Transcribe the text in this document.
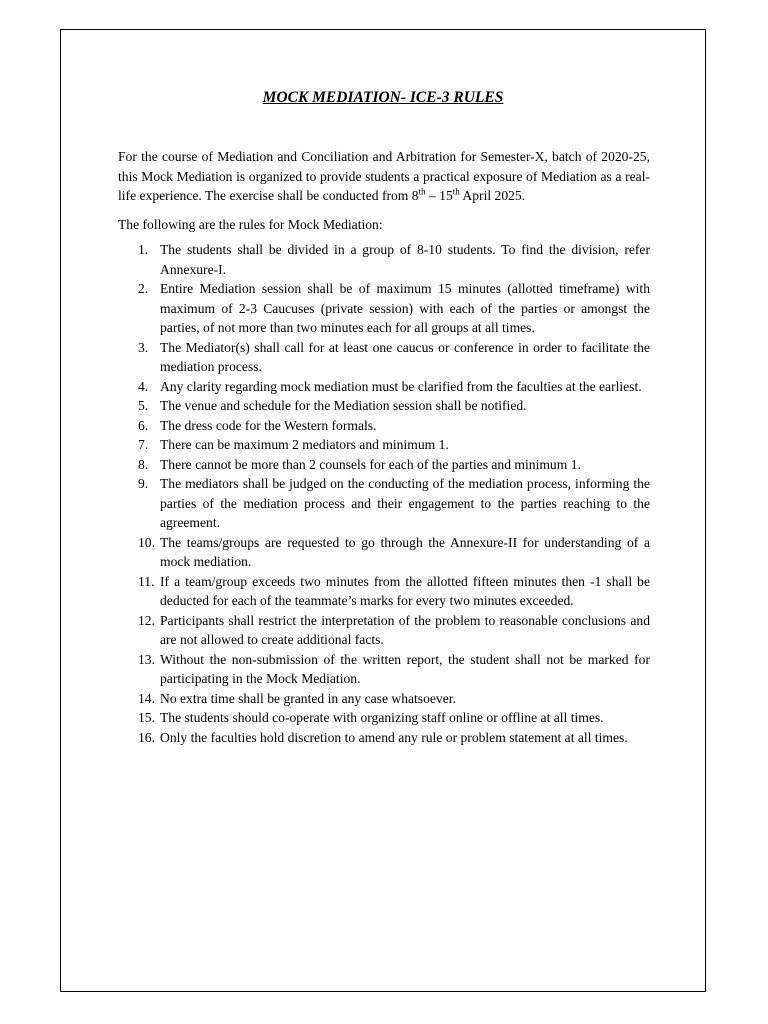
MOCK MEDIATION- ICE-3 RULES

For the course of Mediation and Conciliation and Arbitration for Semester-X, batch of 2020-25, this Mock Mediation is organized to provide students a practical exposure of Mediation as a real-life experience. The exercise shall be conducted from 8th – 15th April 2025.

The following are the rules for Mock Mediation:

1. The students shall be divided in a group of 8-10 students. To find the division, refer Annexure-I.
2. Entire Mediation session shall be of maximum 15 minutes (allotted timeframe) with maximum of 2-3 Caucuses (private session) with each of the parties or amongst the parties, of not more than two minutes each for all groups at all times.
3. The Mediator(s) shall call for at least one caucus or conference in order to facilitate the mediation process.
4. Any clarity regarding mock mediation must be clarified from the faculties at the earliest.
5. The venue and schedule for the Mediation session shall be notified.
6. The dress code for the Western formals.
7. There can be maximum 2 mediators and minimum 1.
8. There cannot be more than 2 counsels for each of the parties and minimum 1.
9. The mediators shall be judged on the conducting of the mediation process, informing the parties of the mediation process and their engagement to the parties reaching to the agreement.
10. The teams/groups are requested to go through the Annexure-II for understanding of a mock mediation.
11. If a team/group exceeds two minutes from the allotted fifteen minutes then -1 shall be deducted for each of the teammate’s marks for every two minutes exceeded.
12. Participants shall restrict the interpretation of the problem to reasonable conclusions and are not allowed to create additional facts.
13. Without the non-submission of the written report, the student shall not be marked for participating in the Mock Mediation.
14. No extra time shall be granted in any case whatsoever.
15. The students should co-operate with organizing staff online or offline at all times.
16. Only the faculties hold discretion to amend any rule or problem statement at all times.
